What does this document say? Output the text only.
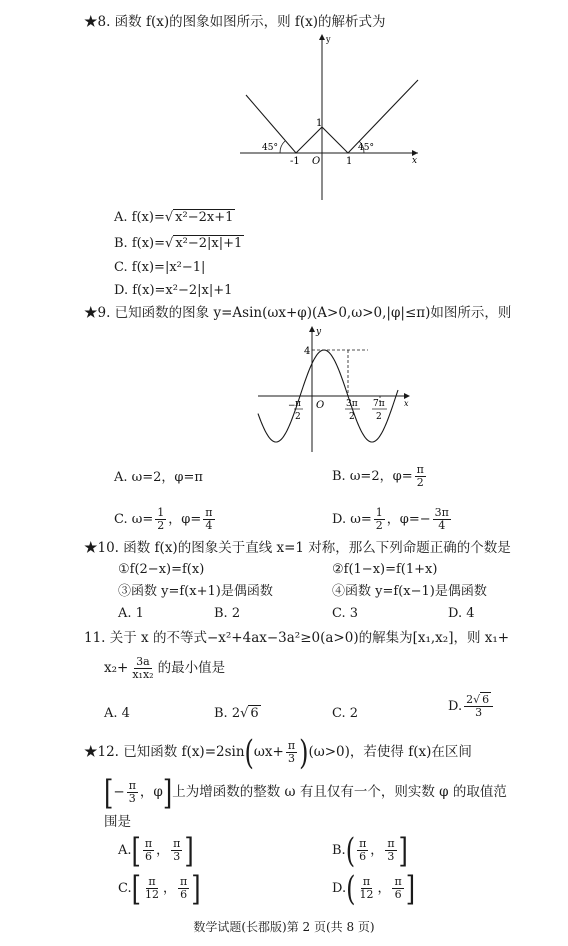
★8. 函数 f(x)的图象如图所示，则 f(x)的解析式为
y
x
O
-1	1
1
45°	45°
A. f(x)=√ x²−2x+1
B. f(x)=√ x²−2|x|+1
C. f(x)=|x²−1|
D. f(x)=x²−2|x|+1
★9. 已知函数的图象 y=Asin(ωx+φ)(A>0,ω>0,|φ|≤π)如图所示，则
y
4
O
− π
2
3π
2
7π
2
x
A. ω=2，φ=π	B. ω=2，$\varphi= \frac{\pi}{2}$
C. $\omega= \frac{1}{2}$ ，$\varphi= \frac{\pi}{4}$	D. $\omega= \frac{1}{2}$ ，$\varphi=- \frac{3\pi}{4}$
★10. 函数 f(x)的图象关于直线 x=1 对称，那么下列命题正确的个数是
①f(2−x)=f(x)	②f(1−x)=f(1+x)
③函数 y=f(x+1)是偶函数	④函数 y=f(x−1)是偶函数
A. 1	B. 2	C. 3	D. 4
11. 关于 x 的不等式−x²+4ax−3a²≥0(a>0)的解集为[x₁,x₂]，则 x₁+
$x_2+ \frac{3a}{\text{x₁x₂}}$ 的最小值是
A. 4	B. 2√ 6	C. 2	D. $\frac{2√ 6}{3}$
★12. 已知函数 $f(x)=2\sin(\omega x+ \frac{\pi}{3} )(\omega>0)$，若使得 f(x)在区间
[− $\frac{\pi}{3}$ ，φ]上为增函数的整数 ω 有且仅有一个，则实数 φ 的取值范
围是
$A.[ \frac{\pi}{6}$ ， $\frac{\pi}{3}$ ]	$B.( \frac{\pi}{6}$ ， $\frac{\pi}{3}$ ]
$C.[ \frac{\pi}{12}$ ， $\frac{\pi}{6}$ ]	$D.( \frac{\pi}{12}$ ， $\frac{\pi}{6}$ ]
数学试题(长郡版)第 2 页(共 8 页)
